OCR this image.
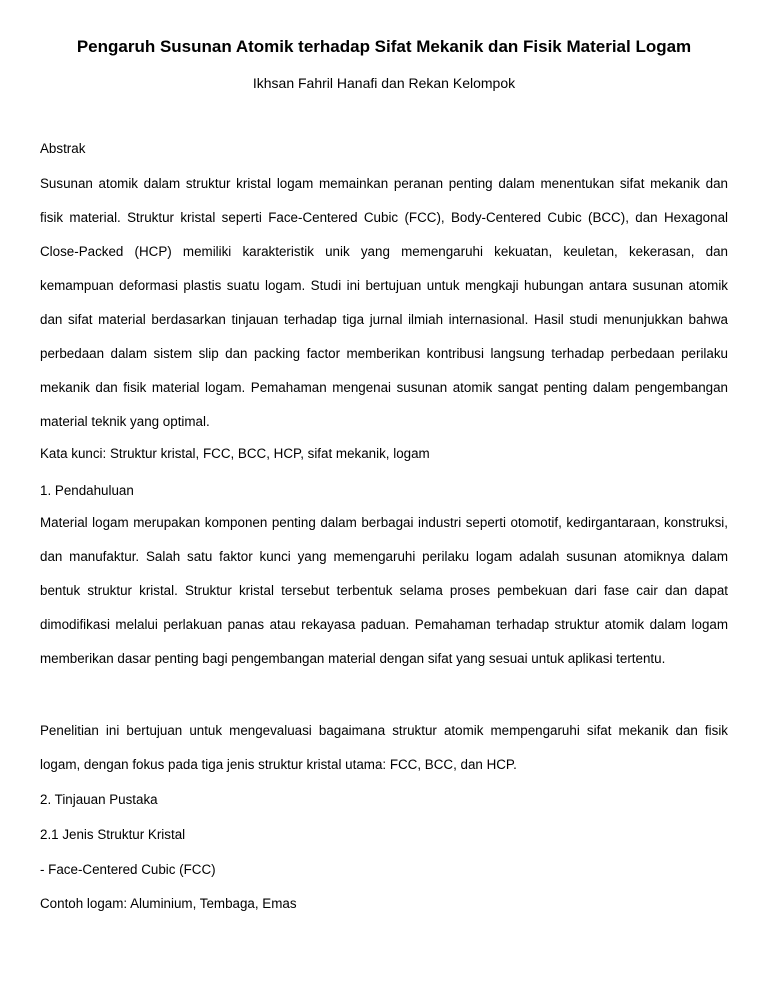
Pengaruh Susunan Atomik terhadap Sifat Mekanik dan Fisik Material Logam

Ikhsan Fahril Hanafi dan Rekan Kelompok

Abstrak

Susunan atomik dalam struktur kristal logam memainkan peranan penting dalam menentukan sifat mekanik dan fisik material. Struktur kristal seperti Face-Centered Cubic (FCC), Body-Centered Cubic (BCC), dan Hexagonal Close-Packed (HCP) memiliki karakteristik unik yang memengaruhi kekuatan, keuletan, kekerasan, dan kemampuan deformasi plastis suatu logam. Studi ini bertujuan untuk mengkaji hubungan antara susunan atomik dan sifat material berdasarkan tinjauan terhadap tiga jurnal ilmiah internasional. Hasil studi menunjukkan bahwa perbedaan dalam sistem slip dan packing factor memberikan kontribusi langsung terhadap perbedaan perilaku mekanik dan fisik material logam. Pemahaman mengenai susunan atomik sangat penting dalam pengembangan material teknik yang optimal.

Kata kunci: Struktur kristal, FCC, BCC, HCP, sifat mekanik, logam

1. Pendahuluan

Material logam merupakan komponen penting dalam berbagai industri seperti otomotif, kedirgantaraan, konstruksi, dan manufaktur. Salah satu faktor kunci yang memengaruhi perilaku logam adalah susunan atomiknya dalam bentuk struktur kristal. Struktur kristal tersebut terbentuk selama proses pembekuan dari fase cair dan dapat dimodifikasi melalui perlakuan panas atau rekayasa paduan. Pemahaman terhadap struktur atomik dalam logam memberikan dasar penting bagi pengembangan material dengan sifat yang sesuai untuk aplikasi tertentu.

Penelitian ini bertujuan untuk mengevaluasi bagaimana struktur atomik mempengaruhi sifat mekanik dan fisik logam, dengan fokus pada tiga jenis struktur kristal utama: FCC, BCC, dan HCP.

2. Tinjauan Pustaka

2.1 Jenis Struktur Kristal

- Face-Centered Cubic (FCC)

Contoh logam: Aluminium, Tembaga, Emas
